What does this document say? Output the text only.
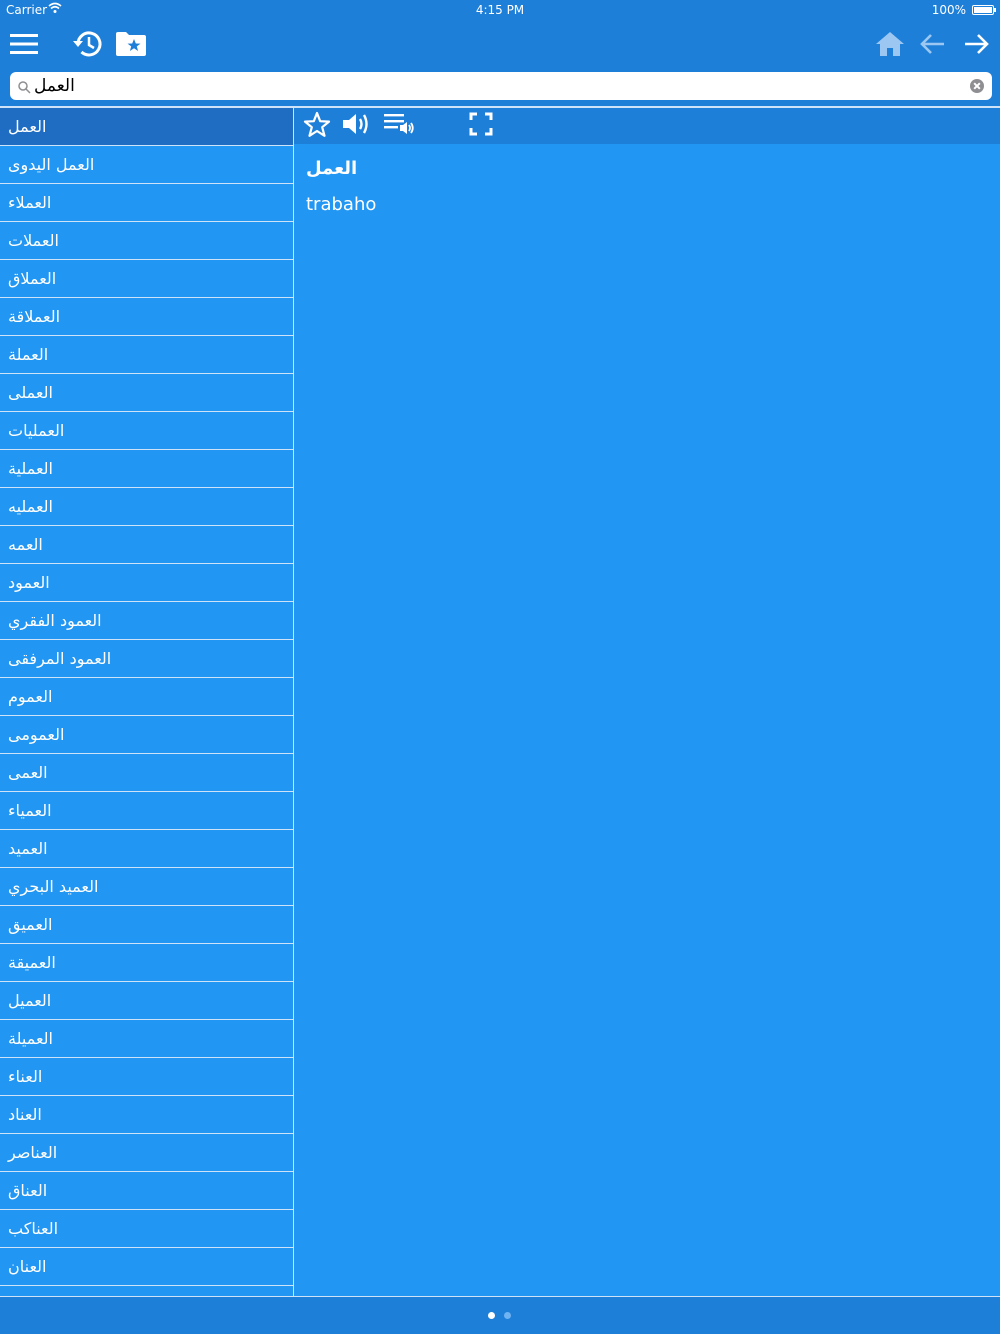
Carrier	4:15 PM	100%
العمل
العمل
العمل اليدوى
العملاء
العملات
العملاق
العملاقة
العملة
العملى
العمليات
العملية
العمليه
العمه
العمود
العمود الفقري
العمود المرفقى
العموم
العمومى
العمى
العمياء
العميد
العميد البحري
العميق
العميقة
العميل
العميلة
العناء
العناد
العناصر
العناق
العناكب
العنان
العمل
trabaho
